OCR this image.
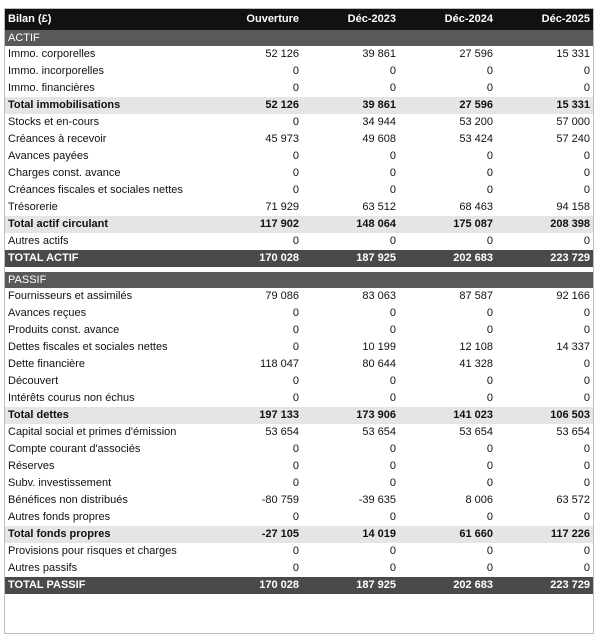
Bilan (£)	Ouverture	Déc-2023	Déc-2024	Déc-2025
ACTIF				
Immo. corporelles	52 126	39 861	27 596	15 331
Immo. incorporelles	0	0	0	0
Immo. financières	0	0	0	0
Total immobilisations	52 126	39 861	27 596	15 331
Stocks et en-cours	0	34 944	53 200	57 000
Créances à recevoir	45 973	49 608	53 424	57 240
Avances payées	0	0	0	0
Charges const. avance	0	0	0	0
Créances fiscales et sociales nettes	0	0	0	0
Trésorerie	71 929	63 512	68 463	94 158
Total actif circulant	117 902	148 064	175 087	208 398
Autres actifs	0	0	0	0
TOTAL ACTIF	170 028	187 925	202 683	223 729

PASSIF				
Fournisseurs et assimilés	79 086	83 063	87 587	92 166
Avances reçues	0	0	0	0
Produits const. avance	0	0	0	0
Dettes fiscales et sociales nettes	0	10 199	12 108	14 337
Dette financière	118 047	80 644	41 328	0
Découvert	0	0	0	0
Intérêts courus non échus	0	0	0	0
Total dettes	197 133	173 906	141 023	106 503
Capital social et primes d'émission	53 654	53 654	53 654	53 654
Compte courant d'associés	0	0	0	0
Réserves	0	0	0	0
Subv. investissement	0	0	0	0
Bénéfices non distribués	-80 759	-39 635	8 006	63 572
Autres fonds propres	0	0	0	0
Total fonds propres	-27 105	14 019	61 660	117 226
Provisions pour risques et charges	0	0	0	0
Autres passifs	0	0	0	0
TOTAL PASSIF	170 028	187 925	202 683	223 729
